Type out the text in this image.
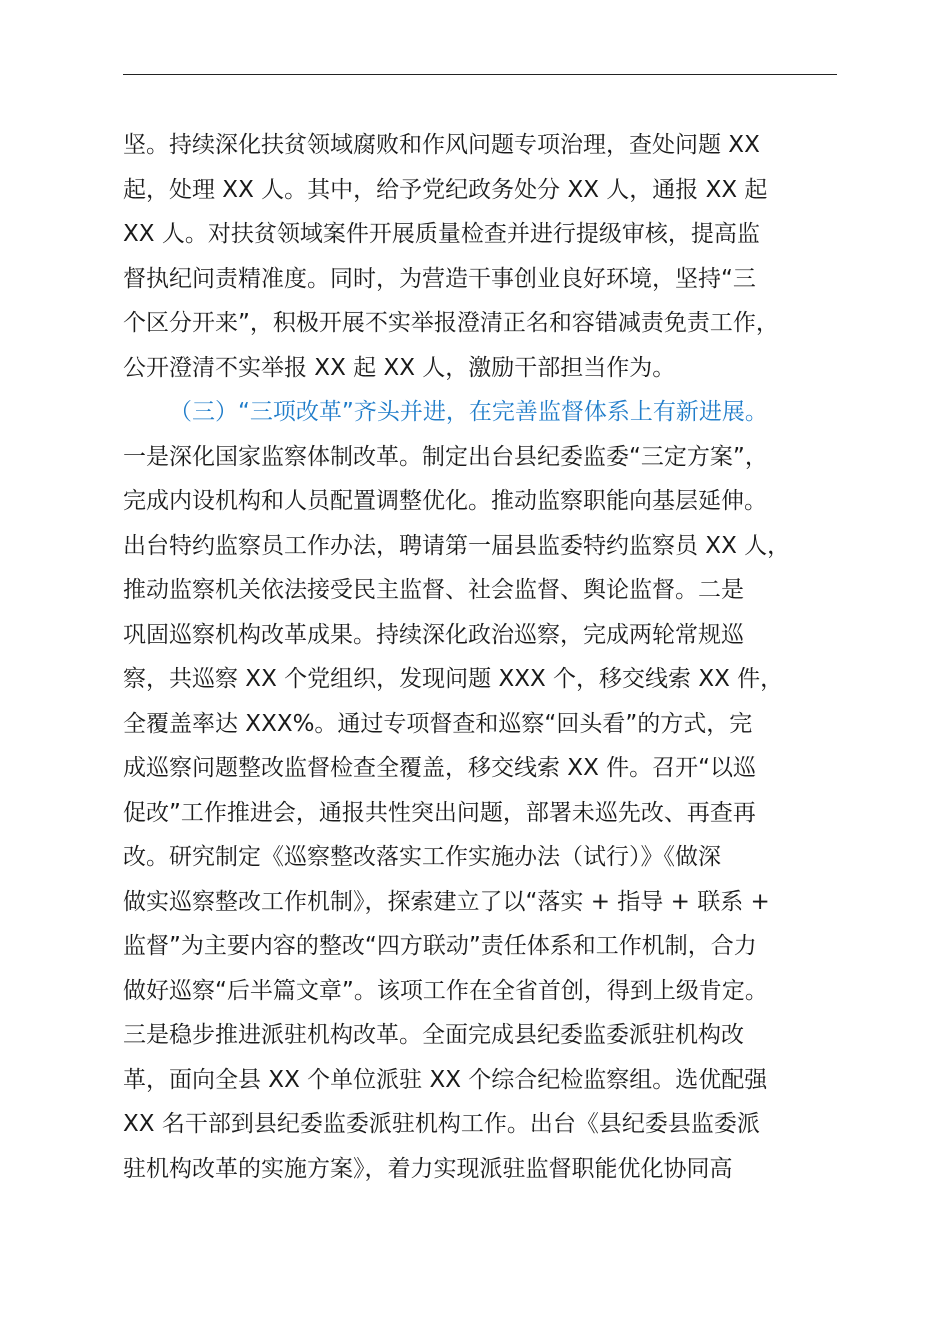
坚。持续深化扶贫领域腐败和作风问题专项治理，查处问题 XX
起，处理 XX 人。其中，给予党纪政务处分 XX 人，通报 XX 起
XX 人。对扶贫领域案件开展质量检查并进行提级审核，提高监
督执纪问责精准度。同时，为营造干事创业良好环境，坚持“三
个区分开来”，积极开展不实举报澄清正名和容错减责免责工作，
公开澄清不实举报 XX 起 XX 人，激励干部担当作为。
（三）“三项改革”齐头并进，在完善监督体系上有新进展。
一是深化国家监察体制改革。制定出台县纪委监委“三定方案”，
完成内设机构和人员配置调整优化。推动监察职能向基层延伸。
出台特约监察员工作办法，聘请第一届县监委特约监察员 XX 人，
推动监察机关依法接受民主监督、社会监督、舆论监督。二是
巩固巡察机构改革成果。持续深化政治巡察，完成两轮常规巡
察，共巡察 XX 个党组织，发现问题 XXX 个，移交线索 XX 件，
全覆盖率达 XXX%。通过专项督查和巡察“回头看”的方式，完
成巡察问题整改监督检查全覆盖，移交线索 XX 件。召开“以巡
促改”工作推进会，通报共性突出问题，部署未巡先改、再查再
改。研究制定《巡察整改落实工作实施办法（试行）》《做深
做实巡察整改工作机制》，探索建立了以“落实 + 指导 + 联系 +
监督”为主要内容的整改“四方联动”责任体系和工作机制，合力
做好巡察“后半篇文章”。该项工作在全省首创，得到上级肯定。
三是稳步推进派驻机构改革。全面完成县纪委监委派驻机构改
革，面向全县 XX 个单位派驻 XX 个综合纪检监察组。选优配强
XX 名干部到县纪委监委派驻机构工作。出台《县纪委县监委派
驻机构改革的实施方案》，着力实现派驻监督职能优化协同高
